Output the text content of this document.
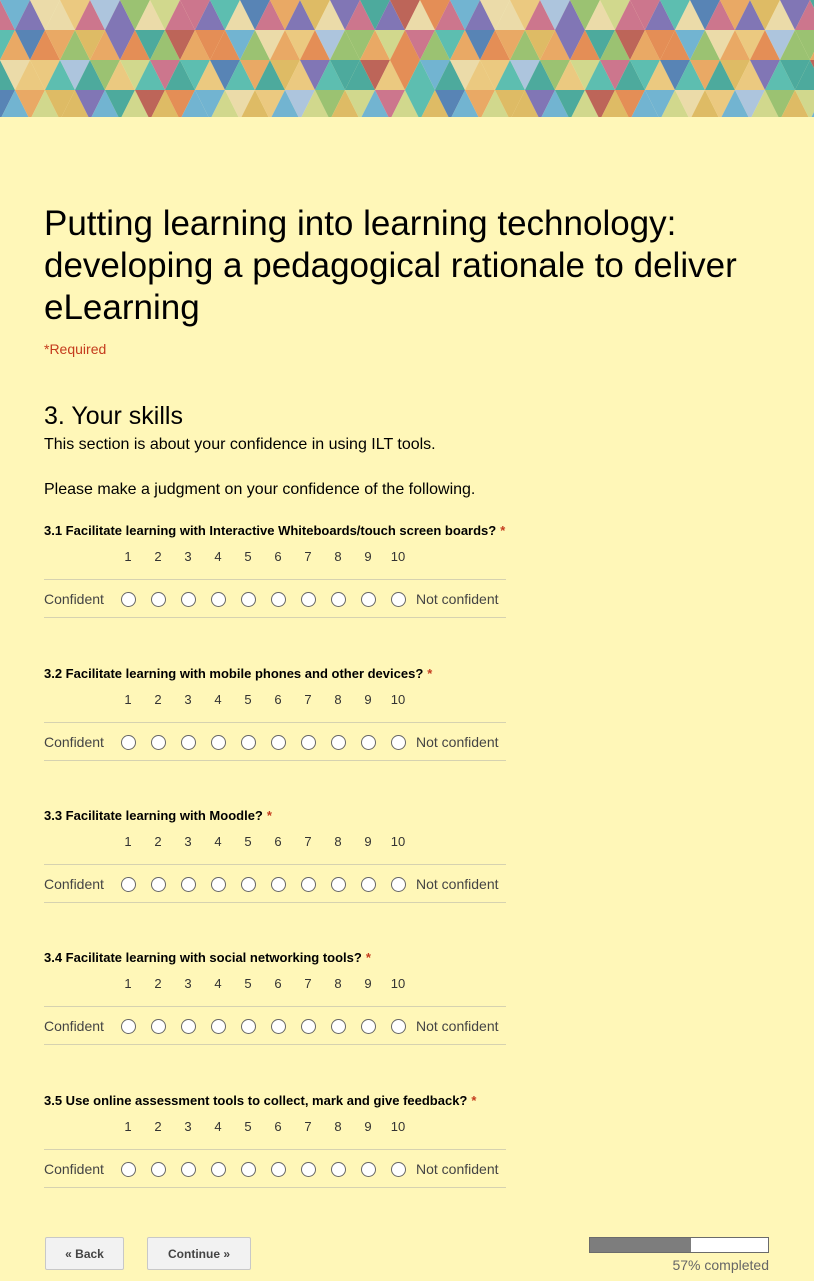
Putting learning into learning technology: developing a pedagogical rationale to deliver eLearning
*Required
3. Your skills
This section is about your confidence in using ILT tools.
Please make a judgment on your confidence of the following.
3.1 Facilitate learning with Interactive Whiteboards/touch screen boards? *
1	2	3	4	5	6	7	8	9	10
Confident	Not confident
3.2 Facilitate learning with mobile phones and other devices? *
1	2	3	4	5	6	7	8	9	10
Confident	Not confident
3.3 Facilitate learning with Moodle? *
1	2	3	4	5	6	7	8	9	10
Confident	Not confident
3.4 Facilitate learning with social networking tools? *
1	2	3	4	5	6	7	8	9	10
Confident	Not confident
3.5 Use online assessment tools to collect, mark and give feedback? *
1	2	3	4	5	6	7	8	9	10
Confident	Not confident
« Back	Continue »
57% completed
